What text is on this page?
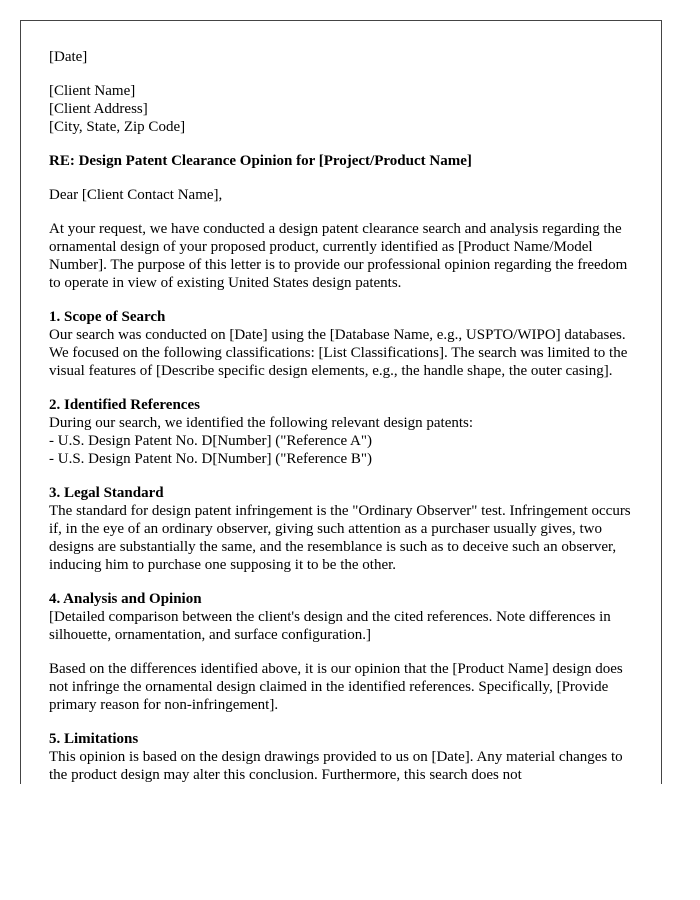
[Date]

[Client Name]
[Client Address]
[City, State, Zip Code]

RE: Design Patent Clearance Opinion for [Project/Product Name]

Dear [Client Contact Name],

At your request, we have conducted a design patent clearance search and analysis regarding the ornamental design of your proposed product, currently identified as [Product Name/Model Number]. The purpose of this letter is to provide our professional opinion regarding the freedom to operate in view of existing United States design patents.

1. Scope of Search
Our search was conducted on [Date] using the [Database Name, e.g., USPTO/WIPO] databases. We focused on the following classifications: [List Classifications]. The search was limited to the visual features of [Describe specific design elements, e.g., the handle shape, the outer casing].
2. Identified References
During our search, we identified the following relevant design patents:
- U.S. Design Patent No. D[Number] ("Reference A")
- U.S. Design Patent No. D[Number] ("Reference B")
3. Legal Standard
The standard for design patent infringement is the "Ordinary Observer" test. Infringement occurs if, in the eye of an ordinary observer, giving such attention as a purchaser usually gives, two designs are substantially the same, and the resemblance is such as to deceive such an observer, inducing him to purchase one supposing it to be the other.
4. Analysis and Opinion
[Detailed comparison between the client's design and the cited references. Note differences in silhouette, ornamentation, and surface configuration.]

Based on the differences identified above, it is our opinion that the [Product Name] design does not infringe the ornamental design claimed in the identified references. Specifically, [Provide primary reason for non-infringement].

5. Limitations
This opinion is based on the design drawings provided to us on [Date]. Any material changes to the product design may alter this conclusion. Furthermore, this search does not
